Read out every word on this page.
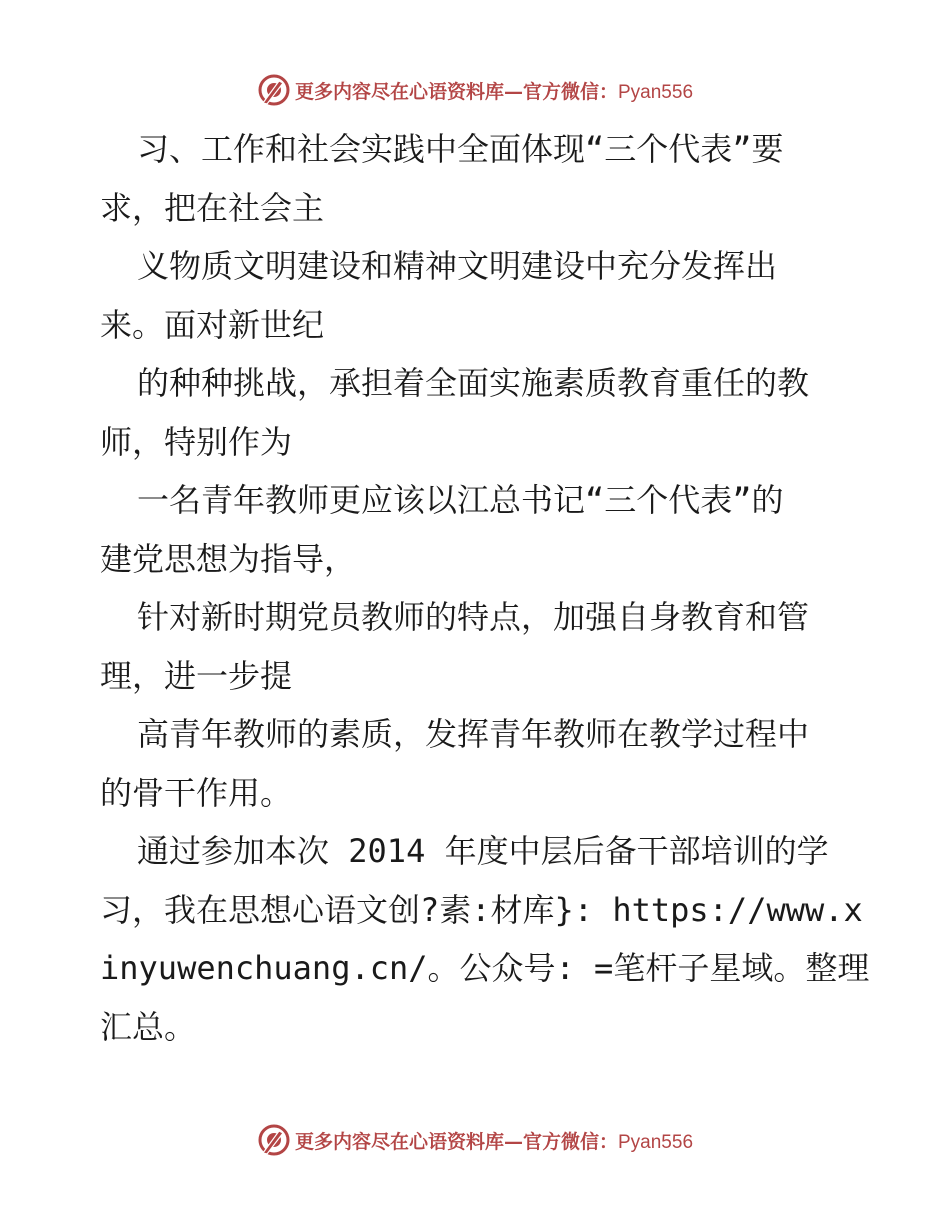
更多内容尽在心语资料库—官方微信：Pyan556
习、工作和社会实践中全面体现“三个代表”要
求，把在社会主
义物质文明建设和精神文明建设中充分发挥出
来。面对新世纪
的种种挑战，承担着全面实施素质教育重任的教
师，特别作为
一名青年教师更应该以江总书记“三个代表”的
建党思想为指导，
针对新时期党员教师的特点，加强自身教育和管
理，进一步提
高青年教师的素质，发挥青年教师在教学过程中
的骨干作用。
通过参加本次 2014 年度中层后备干部培训的学
习，我在思想心语文创?素:材库}: https://www.x
inyuwenchuang.cn/。公众号: =笔杆子星域。整理
汇总。
更多内容尽在心语资料库—官方微信：Pyan556
